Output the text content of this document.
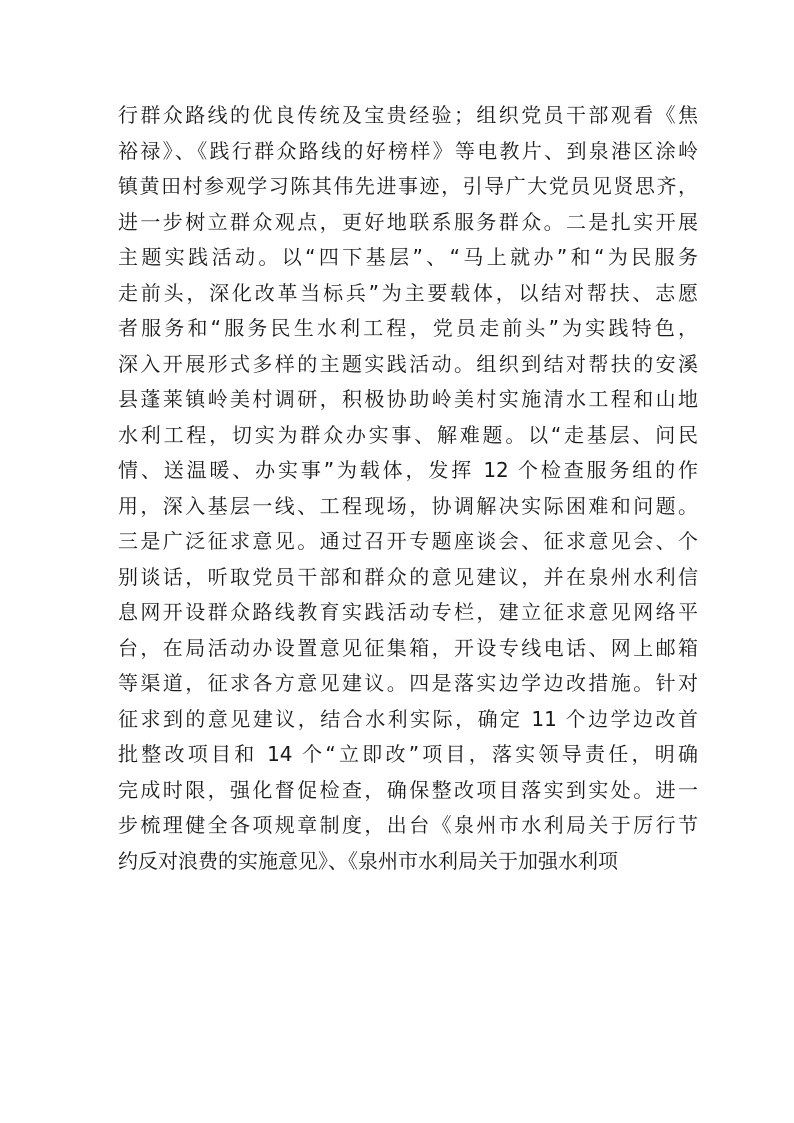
行群众路线的优良传统及宝贵经验；组织党员干部观看《焦
裕禄》、《践行群众路线的好榜样》等电教片、到泉港区涂岭
镇黄田村参观学习陈其伟先进事迹，引导广大党员见贤思齐，
进一步树立群众观点，更好地联系服务群众。二是扎实开展
主题实践活动。以“四下基层”、“马上就办”和“为民服务
走前头，深化改革当标兵”为主要载体，以结对帮扶、志愿
者服务和“服务民生水利工程，党员走前头”为实践特色，
深入开展形式多样的主题实践活动。组织到结对帮扶的安溪
县蓬莱镇岭美村调研，积极协助岭美村实施清水工程和山地
水利工程，切实为群众办实事、解难题。以“走基层、问民
情、送温暖、办实事”为载体，发挥 12 个检查服务组的作
用，深入基层一线、工程现场，协调解决实际困难和问题。
三是广泛征求意见。通过召开专题座谈会、征求意见会、个
别谈话，听取党员干部和群众的意见建议，并在泉州水利信
息网开设群众路线教育实践活动专栏，建立征求意见网络平
台，在局活动办设置意见征集箱，开设专线电话、网上邮箱
等渠道，征求各方意见建议。四是落实边学边改措施。针对
征求到的意见建议，结合水利实际，确定 11 个边学边改首
批整改项目和 14 个“立即改”项目，落实领导责任，明确
完成时限，强化督促检查，确保整改项目落实到实处。进一
步梳理健全各项规章制度，出台《泉州市水利局关于厉行节
约反对浪费的实施意见》、《泉州市水利局关于加强水利项
